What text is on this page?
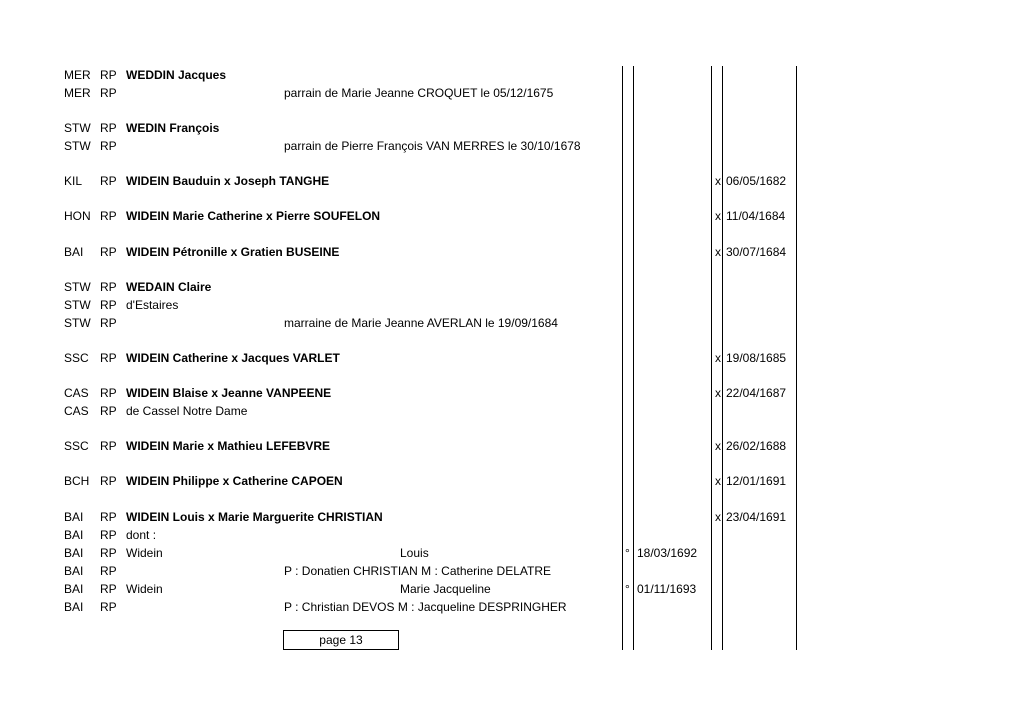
MER RP WEDDIN Jacques
MER RP	parrain de Marie Jeanne CROQUET le 05/12/1675
STW RP WEDIN François
STW RP	parrain de Pierre François VAN MERRES le 30/10/1678
KIL RP WIDEIN Bauduin x Joseph TANGHE	x 06/05/1682
HON RP WIDEIN Marie Catherine x Pierre SOUFELON	x 11/04/1684
BAI RP WIDEIN Pétronille x Gratien BUSEINE	x 30/07/1684
STW RP WEDAIN Claire
STW RP d'Estaires
STW RP	marraine de Marie Jeanne AVERLAN le 19/09/1684
SSC RP WIDEIN Catherine x Jacques VARLET	x 19/08/1685
CAS RP WIDEIN Blaise x Jeanne VANPEENE	x 22/04/1687
CAS RP de Cassel Notre Dame
SSC RP WIDEIN Marie x Mathieu LEFEBVRE	x 26/02/1688
BCH RP WIDEIN Philippe x Catherine CAPOEN	x 12/01/1691
BAI RP WIDEIN Louis x Marie Marguerite CHRISTIAN	x 23/04/1691
BAI RP dont :
BAI RP Widein	Louis	° 18/03/1692
BAI RP	P : Donatien CHRISTIAN M : Catherine DELATRE
BAI RP Widein	Marie Jacqueline	° 01/11/1693
BAI RP	P : Christian DEVOS M : Jacqueline DESPRINGHER
page 13
